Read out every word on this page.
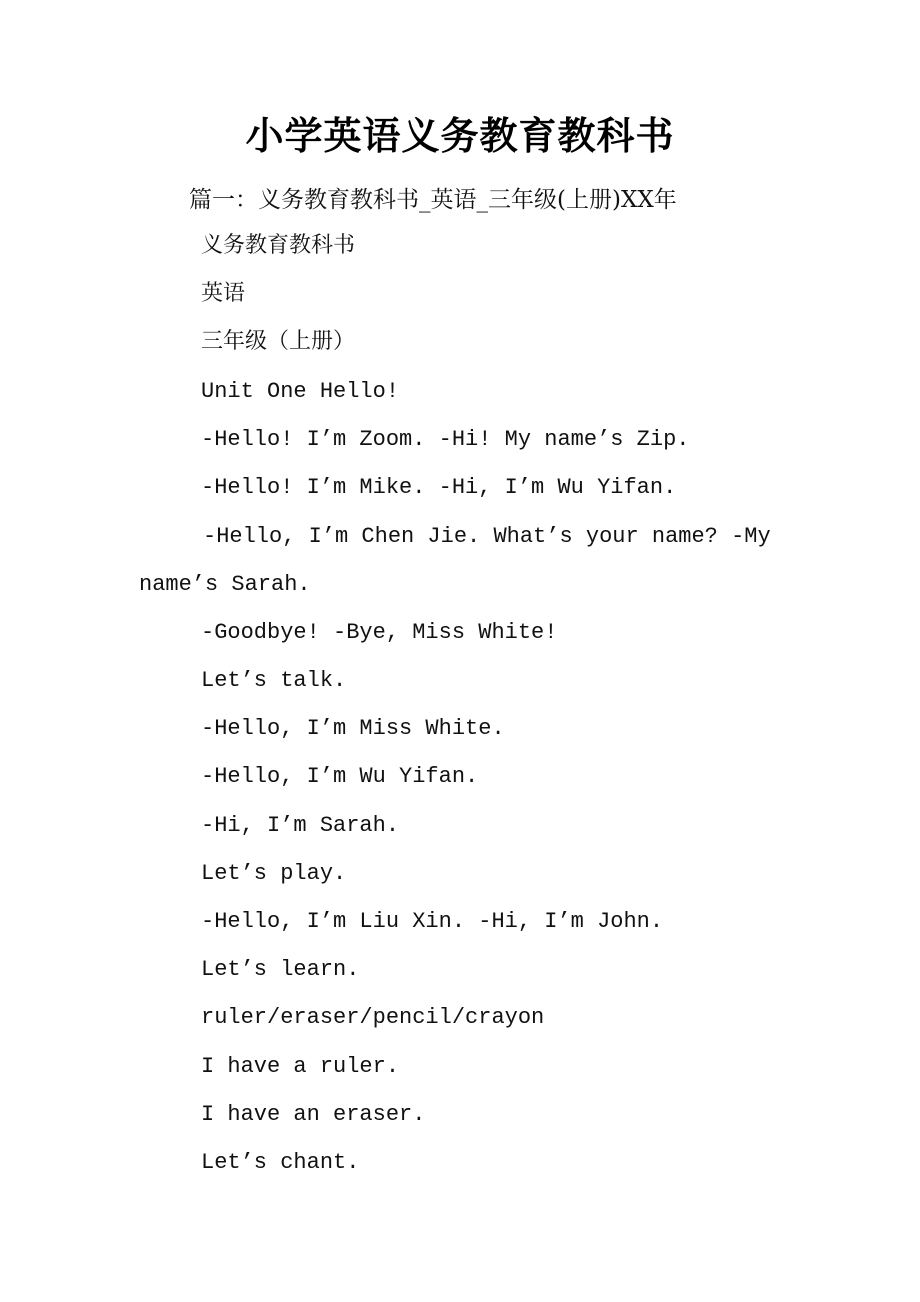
小学英语义务教育教科书
篇一：义务教育教科书_英语_三年级(上册)XX年
义务教育教科书
英语
三年级（上册）
Unit One Hello!
-Hello! I’m Zoom. -Hi! My name’s Zip.
-Hello! I’m Mike. -Hi, I’m Wu Yifan.
-Hello, I’m Chen Jie. What’s your name? -My
name’s Sarah.
-Goodbye! -Bye, Miss White!
Let’s talk.
-Hello, I’m Miss White.
-Hello, I’m Wu Yifan.
-Hi, I’m Sarah.
Let’s play.
-Hello, I’m Liu Xin. -Hi, I’m John.
Let’s learn.
ruler/eraser/pencil/crayon
I have a ruler.
I have an eraser.
Let’s chant.
